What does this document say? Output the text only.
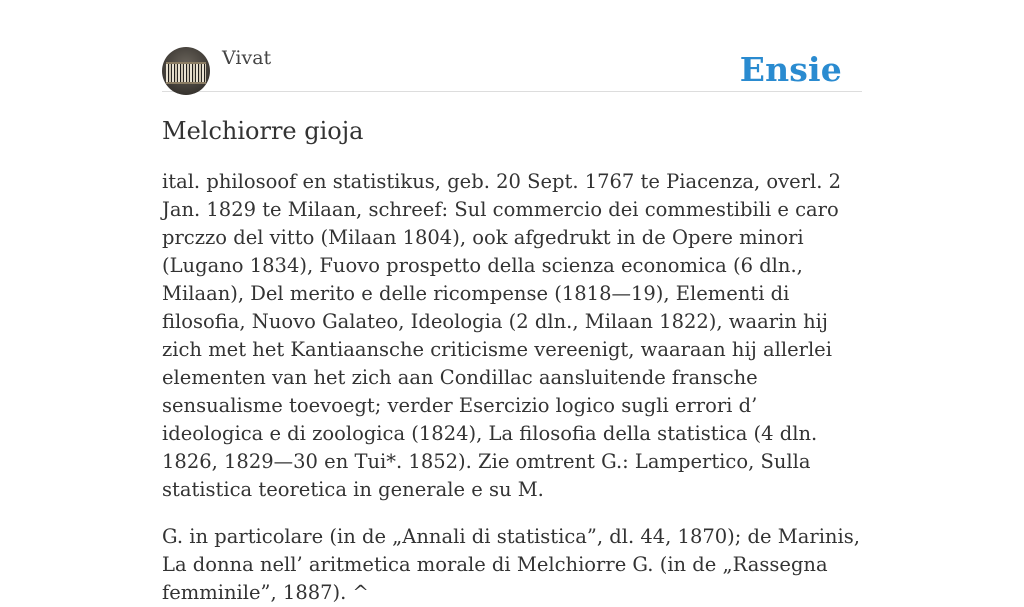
Vivat	Ensie
Melchiorre gioja

ital. philosoof en statistikus, geb. 20 Sept. 1767 te Piacenza, overl. 2 Jan. 1829 te Milaan, schreef: Sul commercio dei commestibili e caro prczzo del vitto (Milaan 1804), ook afgedrukt in de Opere minori (Lugano 1834), Fuovo prospetto della scienza economica (6 dln., Milaan), Del merito e delle ricompense (1818—19), Elementi di filosofia, Nuovo Galateo, Ideologia (2 dln., Milaan 1822), waarin hij zich met het Kantiaansche criticisme vereenigt, waaraan hij allerlei elementen van het zich aan Condillac aansluitende fransche sensualisme toevoegt; verder Esercizio logico sugli errori d’ ideologica e di zoologica (1824), La filosofia della statistica (4 dln. 1826, 1829—30 en Tui*. 1852). Zie omtrent G.: Lampertico, Sulla statistica teoretica in generale e su M.

G. in particolare (in de „Annali di statistica”, dl. 44, 1870); de Marinis, La donna nell’ aritmetica morale di Melchiorre G. (in de „Rassegna femminile”, 1887). ^
